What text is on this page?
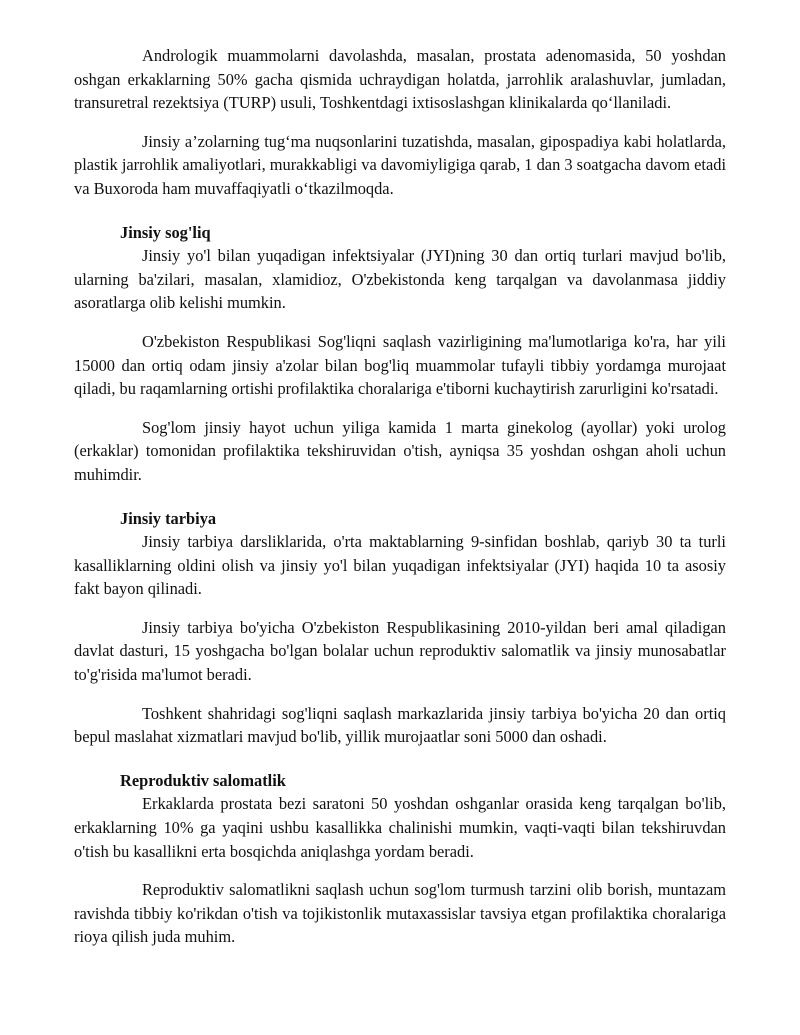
Andrologik muammolarni davolashda, masalan, prostata adenomasida, 50 yoshdan oshgan erkaklarning 50% gacha qismida uchraydigan holatda, jarrohlik aralashuvlar, jumladan, transuretral rezektsiya (TURP) usuli, Toshkentdagi ixtisoslashgan klinikalarda qo‘llaniladi.

Jinsiy a’zolarning tug‘ma nuqsonlarini tuzatishda, masalan, gipospadiya kabi holatlarda, plastik jarrohlik amaliyotlari, murakkabligi va davomiyligiga qarab, 1 dan 3 soatgacha davom etadi va Buxoroda ham muvaffaqiyatli o‘tkazilmoqda.

Jinsiy sog'liq

Jinsiy yo'l bilan yuqadigan infektsiyalar (JYI)ning 30 dan ortiq turlari mavjud bo'lib, ularning ba'zilari, masalan, xlamidioz, O'zbekistonda keng tarqalgan va davolanmasa jiddiy asoratlarga olib kelishi mumkin.

O'zbekiston Respublikasi Sog'liqni saqlash vazirligining ma'lumotlariga ko'ra, har yili 15000 dan ortiq odam jinsiy a'zolar bilan bog'liq muammolar tufayli tibbiy yordamga murojaat qiladi, bu raqamlarning ortishi profilaktika choralariga e'tiborni kuchaytirish zarurligini ko'rsatadi.

Sog'lom jinsiy hayot uchun yiliga kamida 1 marta ginekolog (ayollar) yoki urolog (erkaklar) tomonidan profilaktika tekshiruvidan o'tish, ayniqsa 35 yoshdan oshgan aholi uchun muhimdir.

Jinsiy tarbiya

Jinsiy tarbiya darsliklarida, o'rta maktablarning 9-sinfidan boshlab, qariyb 30 ta turli kasalliklarning oldini olish va jinsiy yo'l bilan yuqadigan infektsiyalar (JYI) haqida 10 ta asosiy fakt bayon qilinadi.

Jinsiy tarbiya bo'yicha O'zbekiston Respublikasining 2010-yildan beri amal qiladigan davlat dasturi, 15 yoshgacha bo'lgan bolalar uchun reproduktiv salomatlik va jinsiy munosabatlar to'g'risida ma'lumot beradi.

Toshkent shahridagi sog'liqni saqlash markazlarida jinsiy tarbiya bo'yicha 20 dan ortiq bepul maslahat xizmatlari mavjud bo'lib, yillik murojaatlar soni 5000 dan oshadi.

Reproduktiv salomatlik

Erkaklarda prostata bezi saratoni 50 yoshdan oshganlar orasida keng tarqalgan bo'lib, erkaklarning 10% ga yaqini ushbu kasallikka chalinishi mumkin, vaqti-vaqti bilan tekshiruvdan o'tish bu kasallikni erta bosqichda aniqlashga yordam beradi.

Reproduktiv salomatlikni saqlash uchun sog'lom turmush tarzini olib borish, muntazam ravishda tibbiy ko'rikdan o'tish va tojikistonlik mutaxassislar tavsiya etgan profilaktika choralariga rioya qilish juda muhim.
